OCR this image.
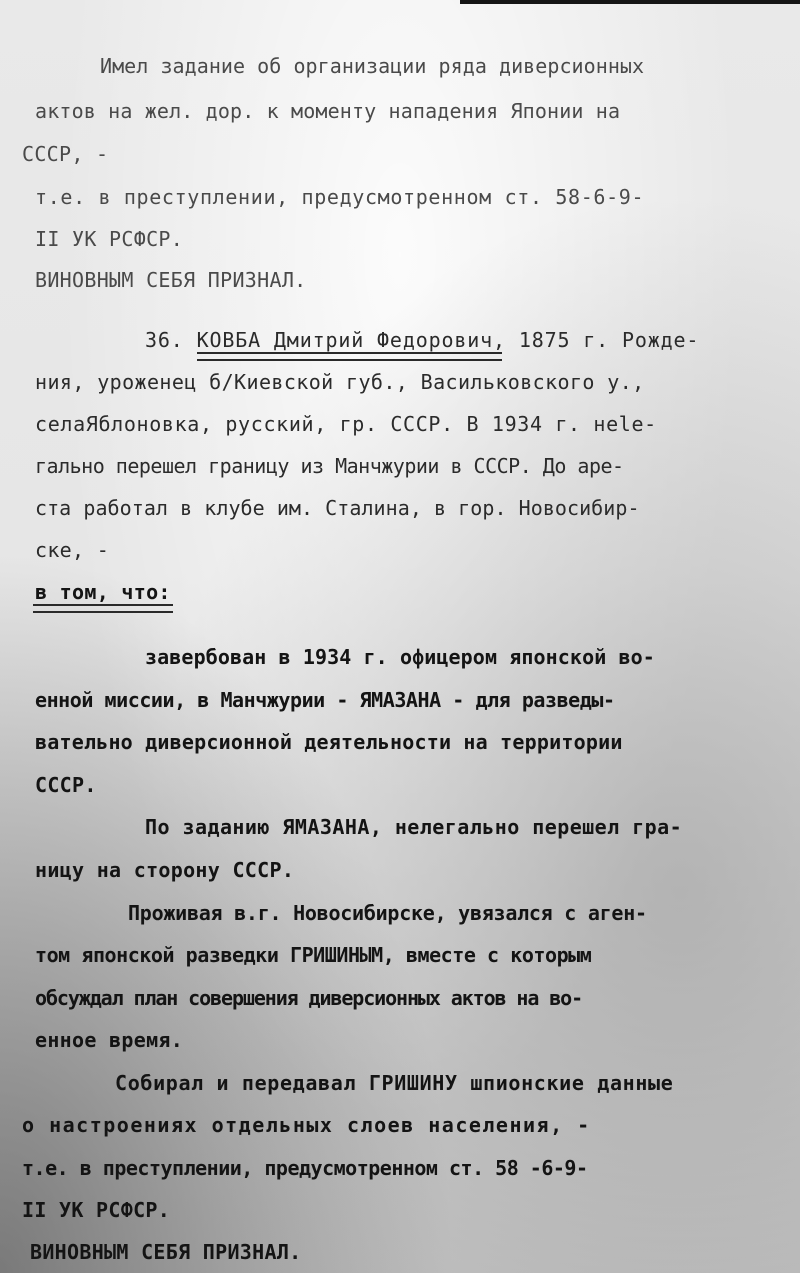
Имел задание об организации ряда диверсионных
актов на жел. дор. к моменту нападения Японии на
СССР, -
т.е. в преступлении, предусмотренном ст. 58-6-9-
II УК РСФСР.
ВИНОВНЫМ СЕБЯ ПРИЗНАЛ.
36. КОВБА Дмитрий Федорович, 1875 г. Рожде-
ния, уроженец б/Киевской губ., Васильковского у.,
селаЯблоновка, русский, гр. СССР. В 1934 г. нele-
гально перешел границу из Манчжурии в СССР. До аре-
ста работал в клубе им. Сталина, в гор. Новосибир-
ске, -
в том, что:
завербован в 1934 г. офицером японской во-
енной миссии, в Манчжурии - ЯМАЗАНА - для разведы-
вательно диверсионной деятельности на территории
СССР.
По заданию ЯМАЗАНА, нелегально перешел гра-
ницу на сторону СССР.
Проживая в.г. Новосибирске, увязался с аген-
том японской разведки ГРИШИНЫМ, вместе с которым
обсуждал план совершения диверсионных актов на во-
енное время.
Собирал и передавал ГРИШИНУ шпионские данные
о настроениях отдельных слоев населения, -
т.е. в преступлении, предусмотренном ст. 58 -6-9-
II УК РСФСР.
ВИНОВНЫМ СЕБЯ ПРИЗНАЛ.
